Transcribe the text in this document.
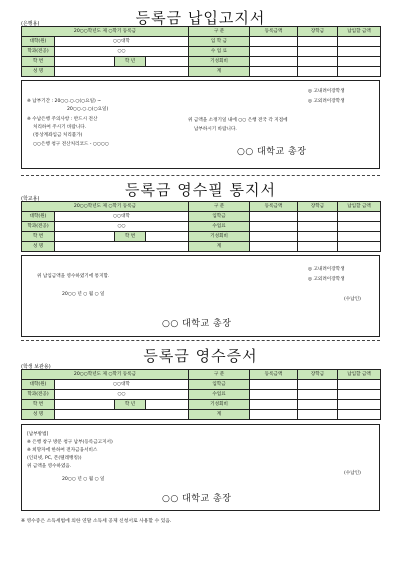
등록금 납입고지서
(은행용)
20○○학년도 제 ○학기 등록금				구 분	등록금액	장학금	납입할 금액
대학(원)	○○대학			입 학 금			
학과(전공)	○○			수 업 료			
학 번		학 년		기성회비			
성 명				계			
※ 납부기간 : 20○○.○.○(○요일) ~
20○○.○.○(○요일)
※ 수납은행 주의사항 : 반드시 전산
처리하여 주시기 바랍니다.
(통상계좌입금 처리불가)
○○은행 청구 전산처리코드 - ○○○○
◎ 고내려이장학생
◎ 고외려이장학생
위 금액을 소정기일 내에 ○○ 은행 전국 각 지점에
납부하시기 바랍니다.
○○ 대학교 총장
등록금 영수필 통지서
(학교용)
20○○학년도 제 ○학기 등록금				구 분	등록금액	장학금	납입할 금액
대학(원)	○○대학			입학금			
학과(전공)	○○			수업료			
학 번		학 번		기성회비			
성 명				계			
위 납입금액을 영수하였기에 통지함.
20○○ 년 ○ 월 ○ 일
◎ 고내려이장학생
◎ 고외려이장학생
(수납인)
○○ 대학교 총장
등록금 영수증서
(학생 보관용)
20○○학년도 제 ○학기 등록금				구 분	등록금액	장학금	납입할 금액
대학(원)	○○대학			입학금			
학과(전공)	○○			수업료			
학 번		학 년		기성회비			
성 명				계			
[납부방법]
※ 은행 창구 방문 청구 납부(등록금고지서)
※ 희망자에 한하여 전자금융서비스
(인터넷, PC, 폰(텔레뱅킹))
위 금액을 영수하였음.
20○○ 년 ○ 월 ○ 일
(수납인)
○○ 대학교 총장
※ 영수증은 소득세법에 의한 연말 소득세 공제 신청서로 사용할 수 있음.
